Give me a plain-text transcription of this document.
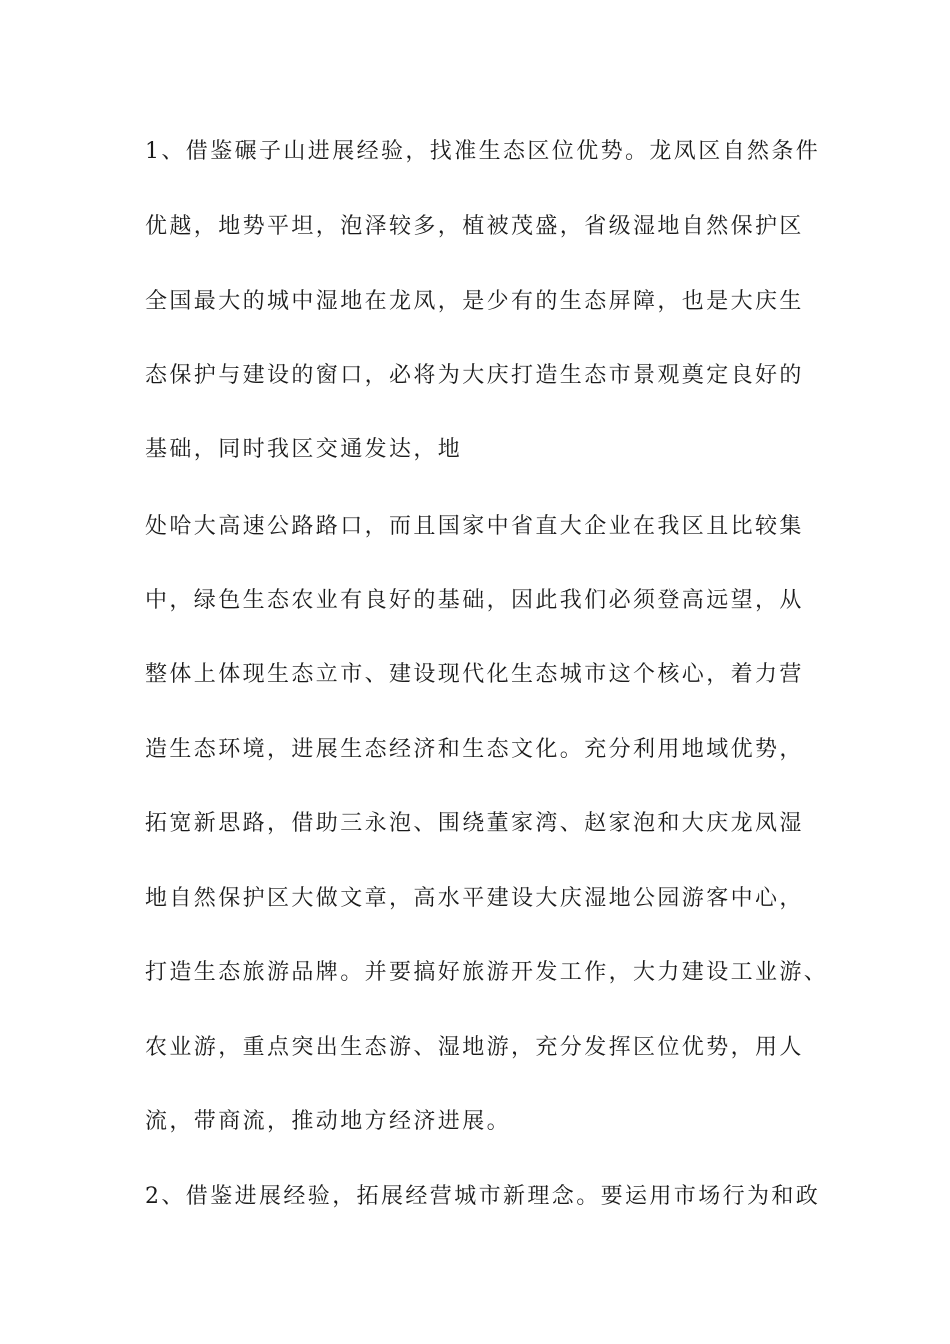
1、借鉴碾子山进展经验，找准生态区位优势。龙凤区自然条件

优越，地势平坦，泡泽较多，植被茂盛，省级湿地自然保护区

全国最大的城中湿地在龙凤，是少有的生态屏障，也是大庆生

态保护与建设的窗口，必将为大庆打造生态市景观奠定良好的

基础，同时我区交通发达，地

处哈大高速公路路口，而且国家中省直大企业在我区且比较集

中，绿色生态农业有良好的基础，因此我们必须登高远望，从

整体上体现生态立市、建设现代化生态城市这个核心，着力营

造生态环境，进展生态经济和生态文化。充分利用地域优势，

拓宽新思路，借助三永泡、围绕董家湾、赵家泡和大庆龙凤湿

地自然保护区大做文章，高水平建设大庆湿地公园游客中心，

打造生态旅游品牌。并要搞好旅游开发工作，大力建设工业游、

农业游，重点突出生态游、湿地游，充分发挥区位优势，用人

流，带商流，推动地方经济进展。

2、借鉴进展经验，拓展经营城市新理念。要运用市场行为和政
